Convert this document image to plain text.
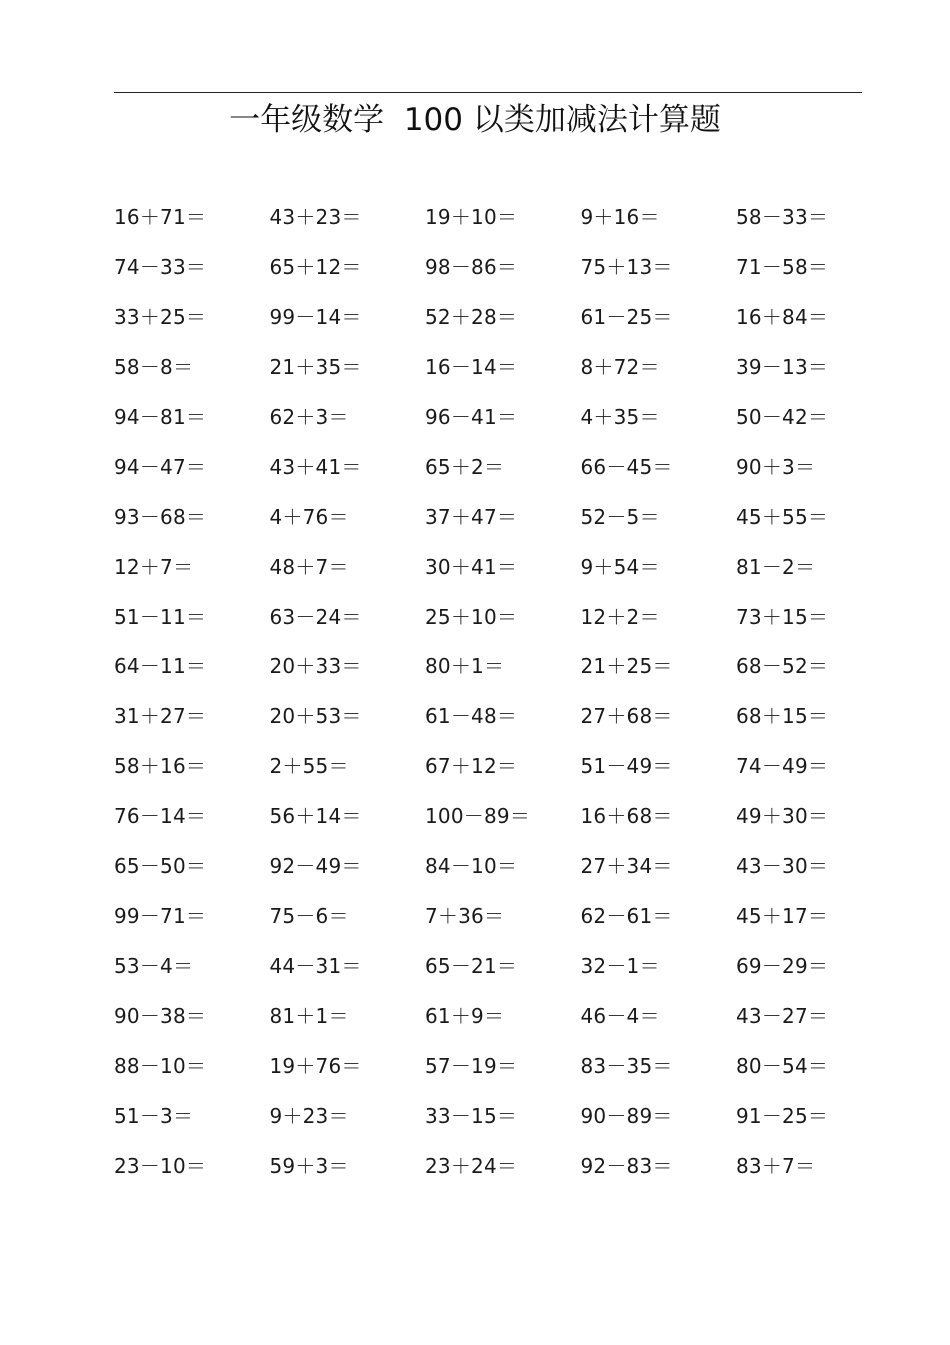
一年级数学  100 以类加减法计算题
16＋71＝	43＋23＝	19＋10＝	9＋16＝	58－33＝
74－33＝	65＋12＝	98－86＝	75＋13＝	71－58＝
33＋25＝	99－14＝	52＋28＝	61－25＝	16＋84＝
58－8＝	21＋35＝	16－14＝	8＋72＝	39－13＝
94－81＝	62＋3＝	96－41＝	4＋35＝	50－42＝
94－47＝	43＋41＝	65＋2＝	66－45＝	90＋3＝
93－68＝	4＋76＝	37＋47＝	52－5＝	45＋55＝
12＋7＝	48＋7＝	30＋41＝	9＋54＝	81－2＝
51－11＝	63－24＝	25＋10＝	12＋2＝	73＋15＝
64－11＝	20＋33＝	80＋1＝	21＋25＝	68－52＝
31＋27＝	20＋53＝	61－48＝	27＋68＝	68＋15＝
58＋16＝	2＋55＝	67＋12＝	51－49＝	74－49＝
76－14＝	56＋14＝	100－89＝	16＋68＝	49＋30＝
65－50＝	92－49＝	84－10＝	27＋34＝	43－30＝
99－71＝	75－6＝	7＋36＝	62－61＝	45＋17＝
53－4＝	44－31＝	65－21＝	32－1＝	69－29＝
90－38＝	81＋1＝	61＋9＝	46－4＝	43－27＝
88－10＝	19＋76＝	57－19＝	83－35＝	80－54＝
51－3＝	9＋23＝	33－15＝	90－89＝	91－25＝
23－10＝	59＋3＝	23＋24＝	92－83＝	83＋7＝
